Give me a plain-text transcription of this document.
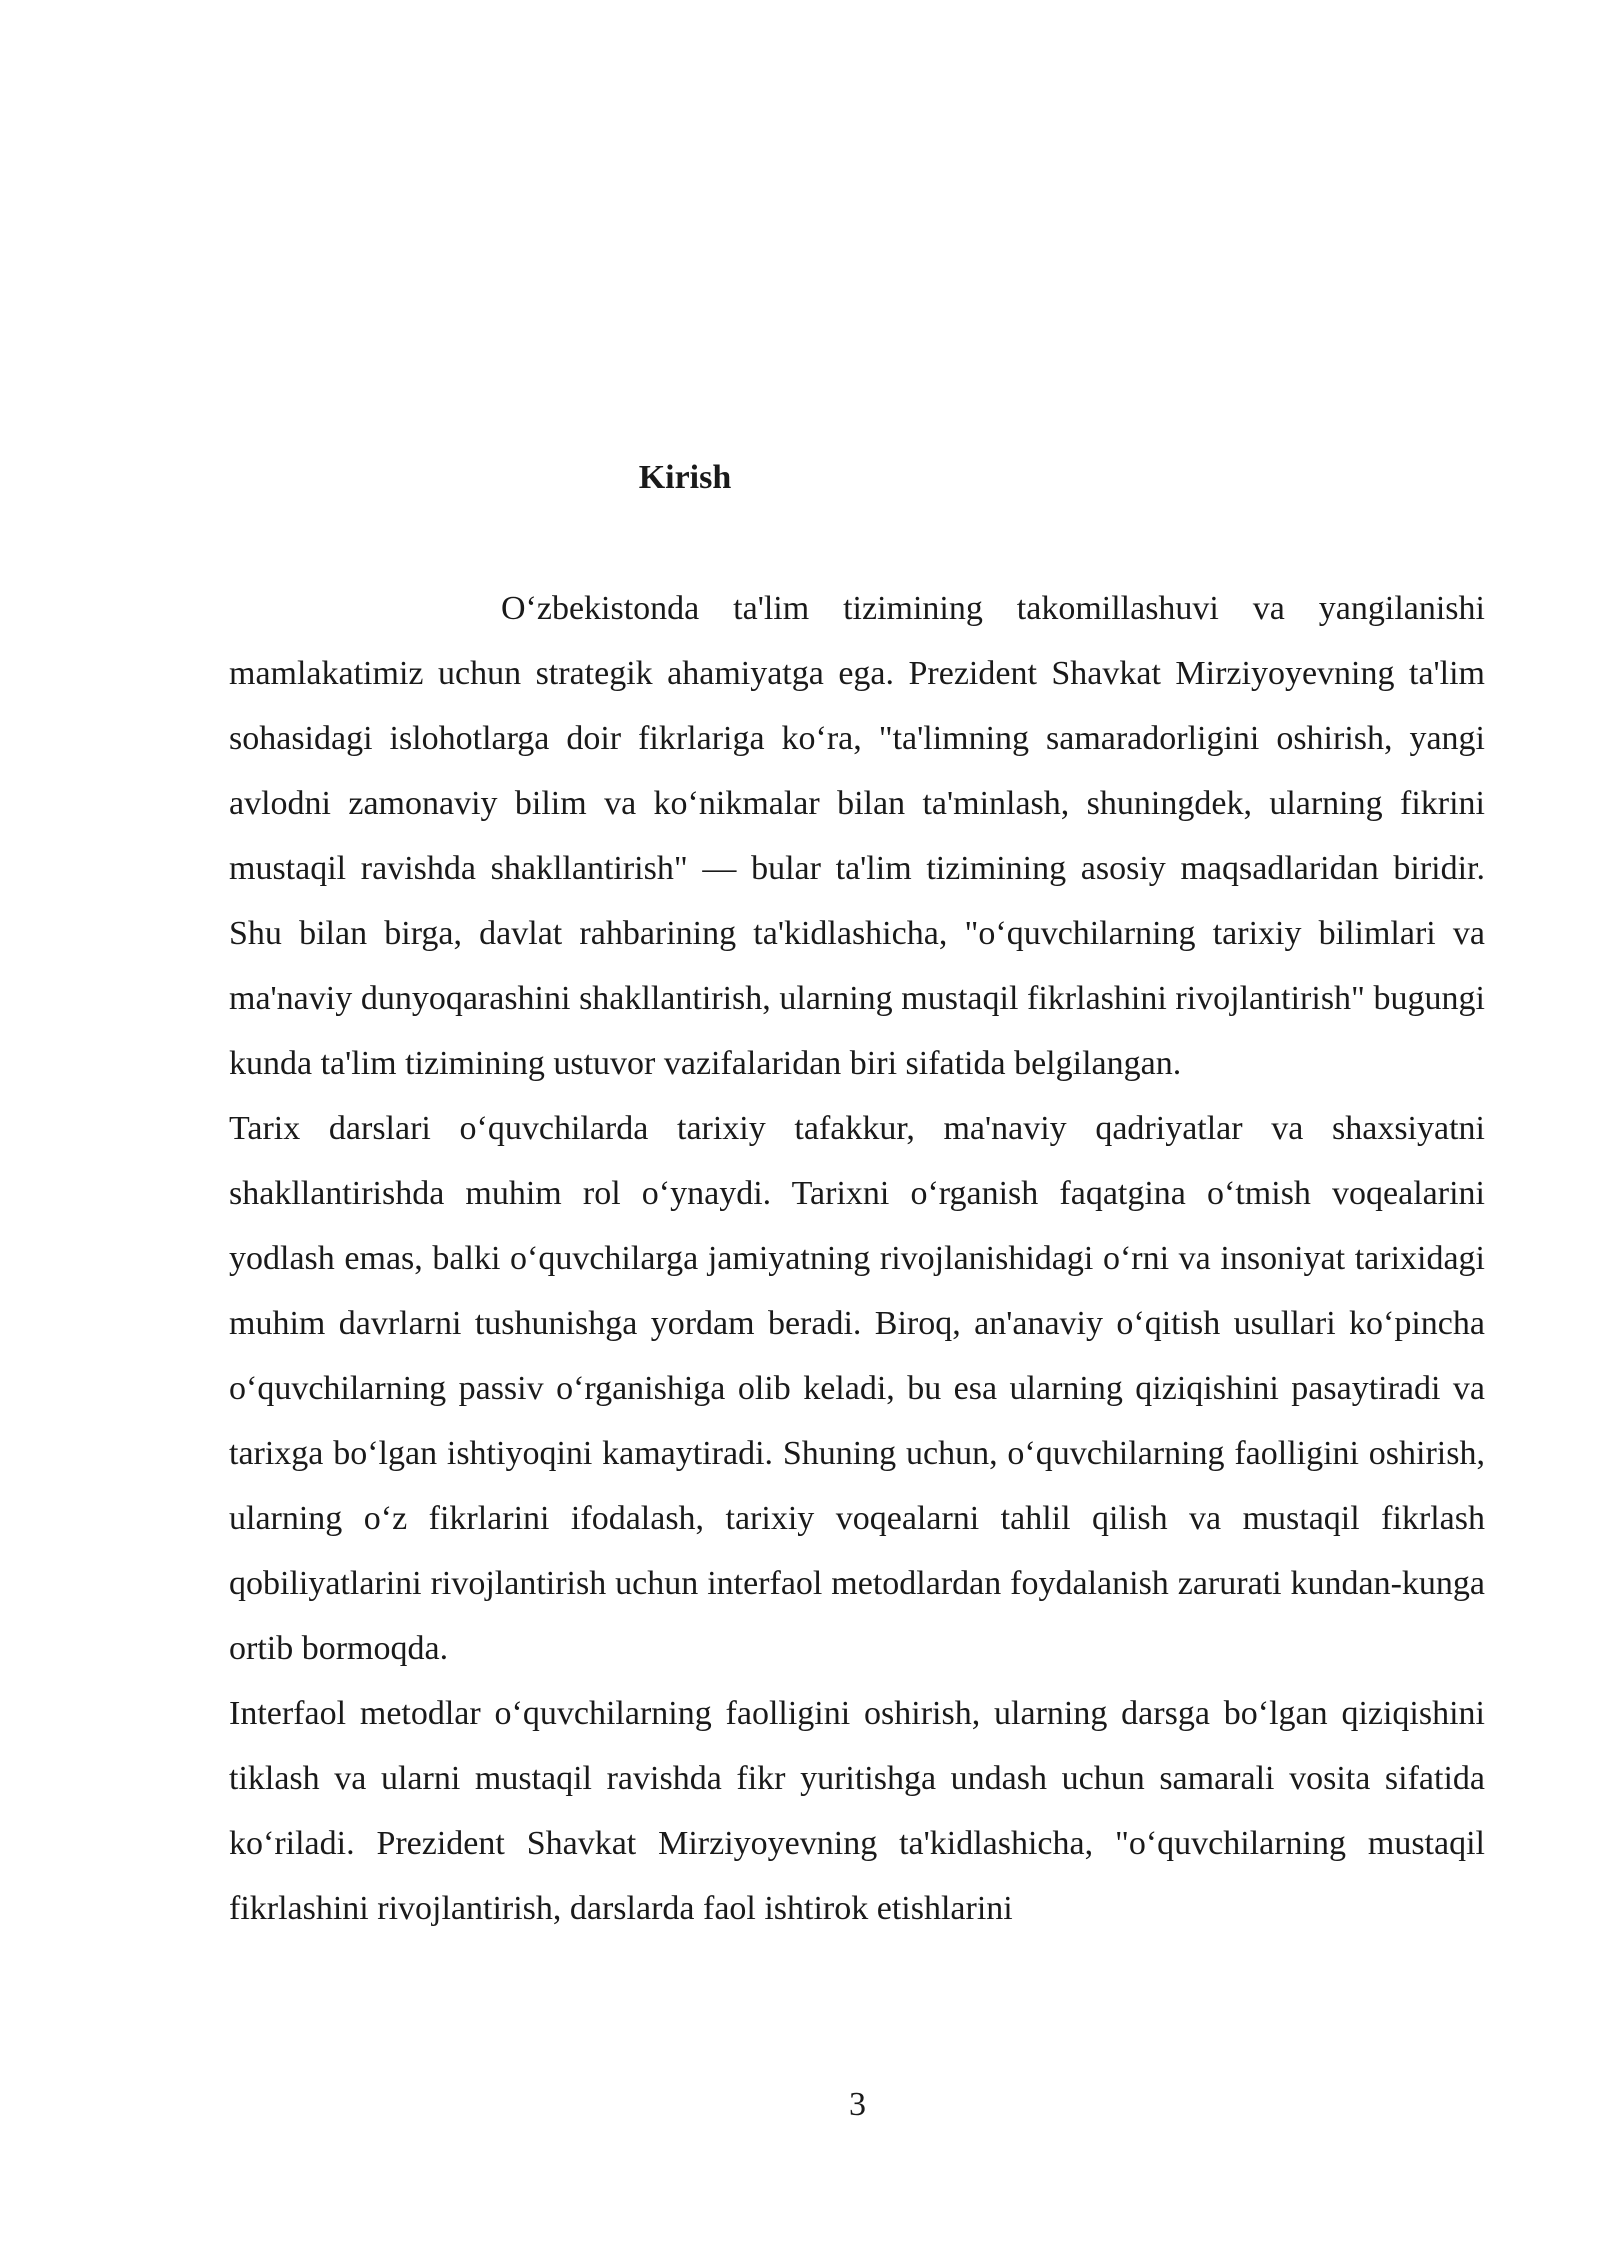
Kirish

O‘zbekistonda ta'lim tizimining takomillashuvi va yangilanishi mamlakatimiz uchun strategik ahamiyatga ega. Prezident Shavkat Mirziyoyevning ta'lim sohasidagi islohotlarga doir fikrlariga ko‘ra, "ta'limning samaradorligini oshirish, yangi avlodni zamonaviy bilim va ko‘nikmalar bilan ta'minlash, shuningdek, ularning fikrini mustaqil ravishda shakllantirish" — bular ta'lim tizimining asosiy maqsadlaridan biridir. Shu bilan birga, davlat rahbarining ta'kidlashicha, "o‘quvchilarning tarixiy bilimlari va ma'naviy dunyoqarashini shakllantirish, ularning mustaqil fikrlashini rivojlantirish" bugungi kunda ta'lim tizimining ustuvor vazifalaridan biri sifatida belgilangan.

Tarix darslari o‘quvchilarda tarixiy tafakkur, ma'naviy qadriyatlar va shaxsiyatni shakllantirishda muhim rol o‘ynaydi. Tarixni o‘rganish faqatgina o‘tmish voqealarini yodlash emas, balki o‘quvchilarga jamiyatning rivojlanishidagi o‘rni va insoniyat tarixidagi muhim davrlarni tushunishga yordam beradi. Biroq, an'anaviy o‘qitish usullari ko‘pincha o‘quvchilarning passiv o‘rganishiga olib keladi, bu esa ularning qiziqishini pasaytiradi va tarixga bo‘lgan ishtiyoqini kamaytiradi. Shuning uchun, o‘quvchilarning faolligini oshirish, ularning o‘z fikrlarini ifodalash, tarixiy voqealarni tahlil qilish va mustaqil fikrlash qobiliyatlarini rivojlantirish uchun interfaol metodlardan foydalanish zarurati kundan-kunga ortib bormoqda.

Interfaol metodlar o‘quvchilarning faolligini oshirish, ularning darsga bo‘lgan qiziqishini tiklash va ularni mustaqil ravishda fikr yuritishga undash uchun samarali vosita sifatida ko‘riladi. Prezident Shavkat Mirziyoyevning ta'kidlashicha, "o‘quvchilarning mustaqil fikrlashini rivojlantirish, darslarda faol ishtirok etishlarini

3
